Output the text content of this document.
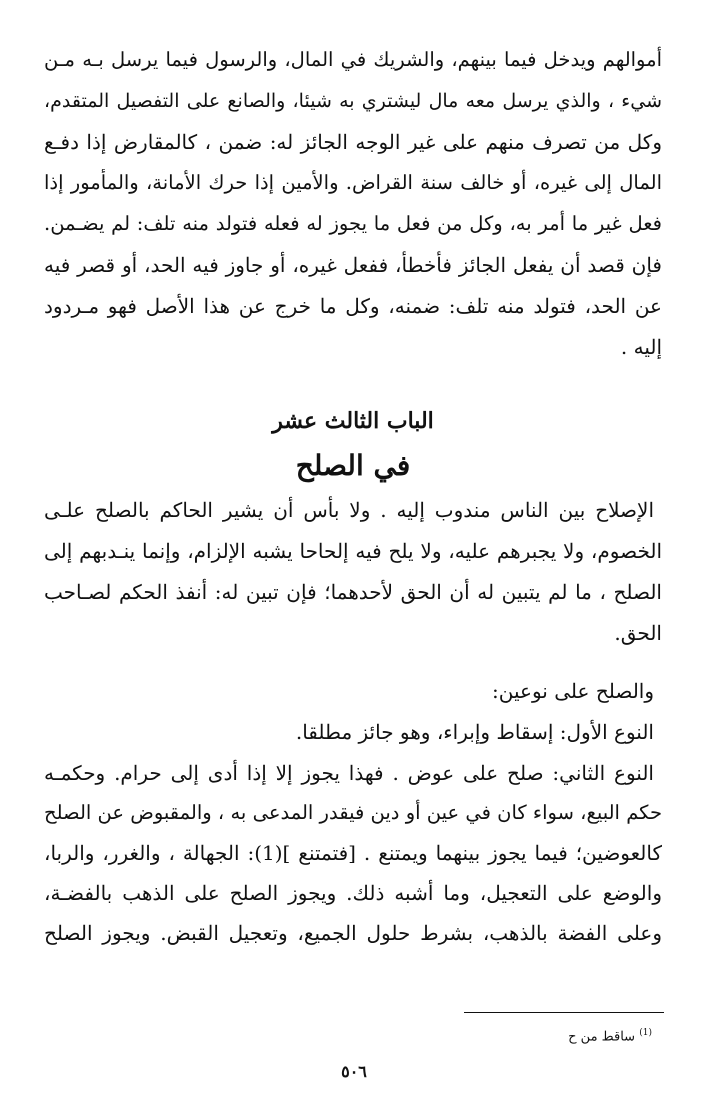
أموالهم ويدخل فيما بينهم، والشريك في المال، والرسول فيما يرسل بـه مـن
شيء ، والذي يرسل معه مال ليشتري به شيئا، والصانع على التفصيل المتقدم،
وكل من تصرف منهم على غير الوجه الجائز له: ضمن ، كالمقارض إذا دفـع
المال إلى غيره، أو خالف سنة القراض. والأمين إذا حرك الأمانة، والمأمور إذا
فعل غير ما أمر به، وكل من فعل ما يجوز له فعله فتولد منه تلف: لم يضـمن.
فإن قصد أن يفعل الجائز فأخطأ، ففعل غيره، أو جاوز فيه الحد، أو قصر فيه
عن الحد، فتولد منه تلف: ضمنه، وكل ما خرج عن هذا الأصل فهو مـردود
إليه .
الباب الثالث عشر
في الصلح
الإصلاح بين الناس مندوب إليه . ولا بأس أن يشير الحاكم بالصلح علـى
الخصوم، ولا يجبرهم عليه، ولا يلح فيه إلحاحا يشبه الإلزام، وإنما ينـدبهم إلى
الصلح ، ما لم يتبين له أن الحق لأحدهما؛ فإن تبين له: أنفذ الحكم لصـاحب
الحق.
والصلح على نوعين:
النوع الأول: إسقاط وإبراء، وهو جائز مطلقا.
النوع الثاني: صلح على عوض . فهذا يجوز إلا إذا أدى إلى حرام. وحكمـه
حكم البيع، سواء كان في عين أو دين فيقدر المدعى به ، والمقبوض عن الصلح
كالعوضين؛ فيما يجوز بينهما ويمتنع . [فتمتنع ](1): الجهالة ، والغرر، والربا،
والوضع على التعجيل، وما أشبه ذلك. ويجوز الصلح على الذهب بالفضـة،
وعلى الفضة بالذهب، بشرط حلول الجميع، وتعجيل القبض. ويجوز الصلح
$^{(1)}$ ساقط من ح
٥٠٦
